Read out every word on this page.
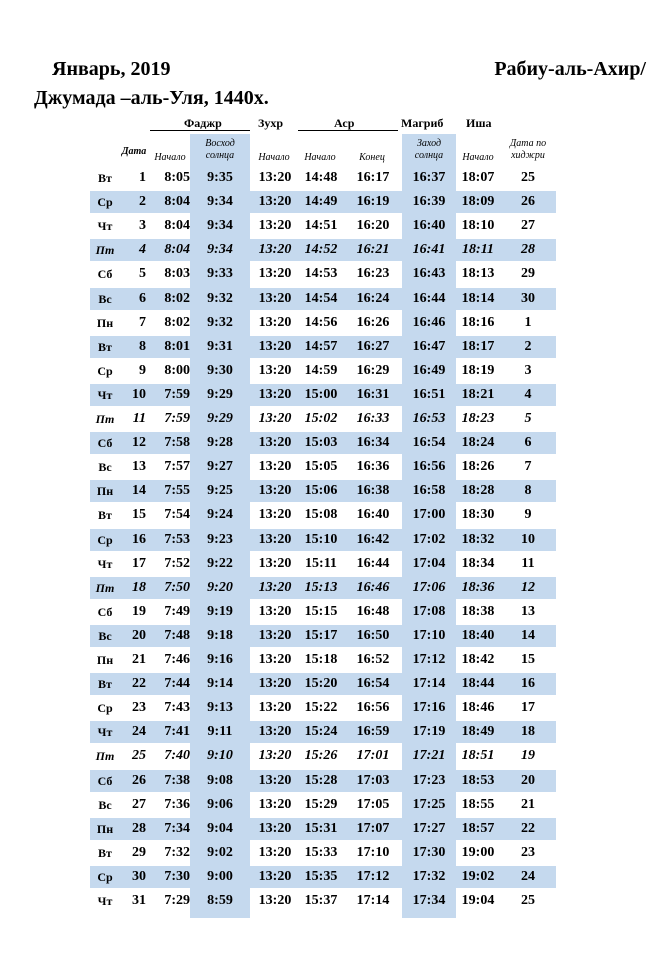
Январь, 2019	Рабиу-аль-Ахир/
Джумада –аль-Уля, 1440х.
Фаджр	Зухр	Аср	Магриб Иша
Дата
Начало
Восход солнца	Начало	Начало	Конец
Заход солнца	Начало
Дата по хиджри
Вт	1	8:05	9:35	13:20 14:48	16:17	16:37	18:07	25
Ср	2	8:04	9:34	13:20 14:49	16:19	16:39	18:09	26
Чт	3	8:04	9:34	13:20 14:51	16:20	16:40	18:10	27
Пт	4	8:04	9:34	13:20 14:52	16:21	16:41	18:11	28
Сб	5	8:03	9:33	13:20 14:53	16:23	16:43	18:13	29
Вс	6	8:02	9:32	13:20 14:54	16:24	16:44	18:14	30
Пн	7	8:02	9:32	13:20 14:56	16:26	16:46	18:16	1
Вт	8	8:01	9:31	13:20 14:57	16:27	16:47	18:17	2
Ср	9	8:00	9:30	13:20 14:59	16:29	16:49	18:19	3
Чт	10	7:59	9:29	13:20 15:00	16:31	16:51	18:21	4
Пт	11	7:59	9:29	13:20 15:02	16:33	16:53	18:23	5
Сб	12	7:58	9:28	13:20 15:03	16:34	16:54	18:24	6
Вс	13	7:57	9:27	13:20 15:05	16:36	16:56	18:26	7
Пн	14	7:55	9:25	13:20 15:06	16:38	16:58	18:28	8
Вт	15	7:54	9:24	13:20 15:08	16:40	17:00	18:30	9
Ср	16	7:53	9:23	13:20 15:10	16:42	17:02	18:32	10
Чт	17	7:52	9:22	13:20 15:11	16:44	17:04	18:34	11
Пт	18	7:50	9:20	13:20 15:13	16:46	17:06	18:36	12
Сб	19	7:49	9:19	13:20 15:15	16:48	17:08	18:38	13
Вс	20	7:48	9:18	13:20 15:17	16:50	17:10	18:40	14
Пн	21	7:46	9:16	13:20 15:18	16:52	17:12	18:42	15
Вт	22	7:44	9:14	13:20 15:20	16:54	17:14	18:44	16
Ср	23	7:43	9:13	13:20 15:22	16:56	17:16	18:46	17
Чт	24	7:41	9:11	13:20 15:24	16:59	17:19	18:49	18
Пт	25	7:40	9:10	13:20 15:26	17:01	17:21	18:51	19
Сб	26	7:38	9:08	13:20 15:28	17:03	17:23	18:53	20
Вс	27	7:36	9:06	13:20 15:29	17:05	17:25	18:55	21
Пн	28	7:34	9:04	13:20 15:31	17:07	17:27	18:57	22
Вт	29	7:32	9:02	13:20 15:33	17:10	17:30	19:00	23
Ср	30	7:30	9:00	13:20 15:35	17:12	17:32	19:02	24
Чт	31	7:29	8:59	13:20 15:37	17:14	17:34	19:04	25
